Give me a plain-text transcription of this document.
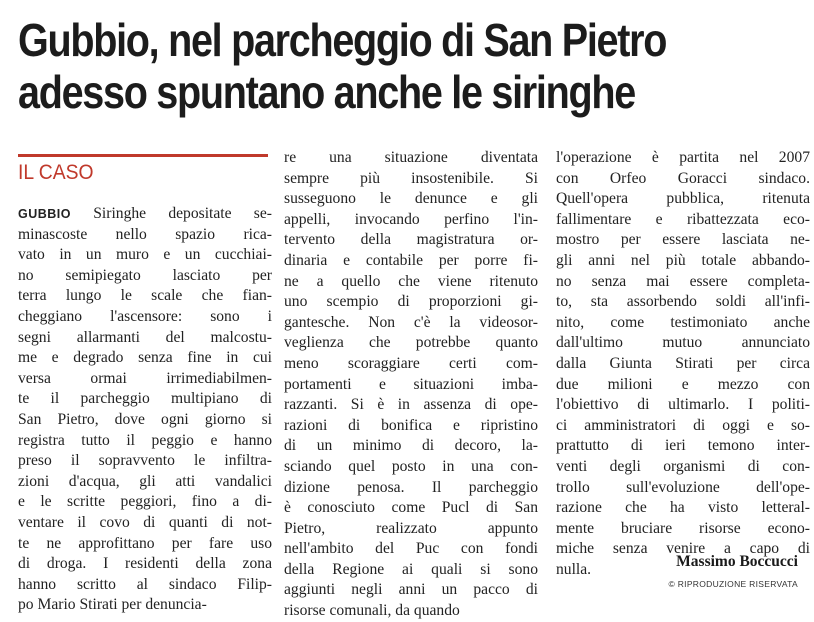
Gubbio, nel parcheggio di San Pietro
adesso spuntano anche le siringhe
IL CASO
GUBBIO Siringhe depositate se-
minascoste nello spazio rica-
vato in un muro e un cucchiai-
no semipiegato lasciato per
terra lungo le scale che fian-
cheggiano l'ascensore: sono i
segni allarmanti del malcostu-
me e degrado senza fine in cui
versa ormai irrimediabilmen-
te il parcheggio multipiano di
San Pietro, dove ogni giorno si
registra tutto il peggio e hanno
preso il sopravvento le infiltra-
zioni d'acqua, gli atti vandalici
e le scritte peggiori, fino a di-
ventare il covo di quanti di not-
te ne approfittano per fare uso
di droga. I residenti della zona
hanno scritto al sindaco Filip-
po Mario Stirati per denuncia-
re una situazione diventata
sempre più insostenibile. Si
susseguono le denunce e gli
appelli, invocando perfino l'in-
tervento della magistratura or-
dinaria e contabile per porre fi-
ne a quello che viene ritenuto
uno scempio di proporzioni gi-
gantesche. Non c'è la videosor-
veglienza che potrebbe quanto
meno scoraggiare certi com-
portamenti e situazioni imba-
razzanti. Si è in assenza di ope-
razioni di bonifica e ripristino
di un minimo di decoro, la-
sciando quel posto in una con-
dizione penosa. Il parcheggio
è conosciuto come Pucl di San
Pietro, realizzato appunto
nell'ambito del Puc con fondi
della Regione ai quali si sono
aggiunti negli anni un pacco di
risorse comunali, da quando
l'operazione è partita nel 2007
con Orfeo Goracci sindaco.
Quell'opera pubblica, ritenuta
fallimentare e ribattezzata eco-
mostro per essere lasciata ne-
gli anni nel più totale abbando-
no senza mai essere completa-
to, sta assorbendo soldi all'infi-
nito, come testimoniato anche
dall'ultimo mutuo annunciato
dalla Giunta Stirati per circa
due milioni e mezzo con
l'obiettivo di ultimarlo. I politi-
ci amministratori di oggi e so-
prattutto di ieri temono inter-
venti degli organismi di con-
trollo sull'evoluzione dell'ope-
razione che ha visto letteral-
mente bruciare risorse econo-
miche senza venire a capo di
nulla.	Massimo Boccucci
© RIPRODUZIONE RISERVATA
